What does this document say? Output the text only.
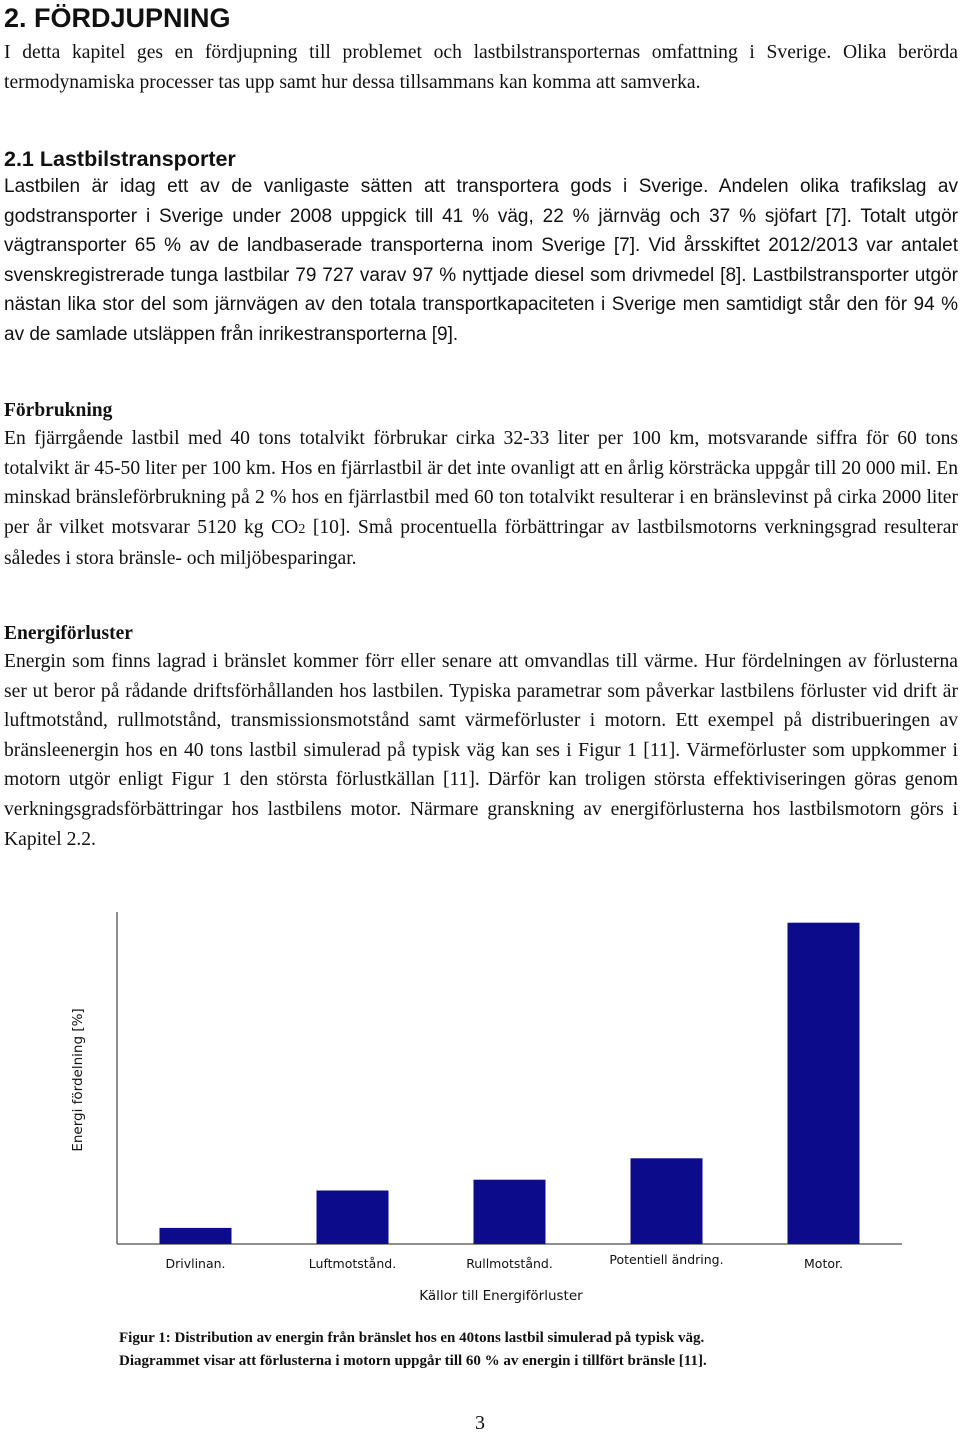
2. FÖRDJUPNING

I detta kapitel ges en fördjupning till problemet och lastbilstransporternas omfattning i Sverige. Olika berörda termodynamiska processer tas upp samt hur dessa tillsammans kan komma att samverka.

2.1 Lastbilstransporter

Lastbilen är idag ett av de vanligaste sätten att transportera gods i Sverige. Andelen olika trafikslag av godstransporter i Sverige under 2008 uppgick till 41 % väg, 22 % järnväg och 37 % sjöfart [7]. Totalt utgör vägtransporter 65 % av de landbaserade transporterna inom Sverige [7]. Vid årsskiftet 2012/2013 var antalet svenskregistrerade tunga lastbilar 79 727 varav 97 % nyttjade diesel som drivmedel [8]. Lastbilstransporter utgör nästan lika stor del som järnvägen av den totala transportkapaciteten i Sverige men samtidigt står den för 94 % av de samlade utsläppen från inrikestransporterna [9].

Förbrukning

En fjärrgående lastbil med 40 tons totalvikt förbrukar cirka 32-33 liter per 100 km, motsvarande siffra för 60 tons totalvikt är 45-50 liter per 100 km. Hos en fjärrlastbil är det inte ovanligt att en årlig körsträcka uppgår till 20 000 mil. En minskad bränsleförbrukning på 2 % hos en fjärrlastbil med 60 ton totalvikt resulterar i en bränslevinst på cirka 2000 liter per år vilket motsvarar 5120 kg CO2 [10]. Små procentuella förbättringar av lastbilsmotorns verkningsgrad resulterar således i stora bränsle- och miljöbesparingar.

Energiförluster

Energin som finns lagrad i bränslet kommer förr eller senare att omvandlas till värme. Hur fördelningen av förlusterna ser ut beror på rådande driftsförhållanden hos lastbilen. Typiska parametrar som påverkar lastbilens förluster vid drift är luftmotstånd, rullmotstånd, transmissionsmotstånd samt värmeförluster i motorn. Ett exempel på distribueringen av bränsleenergin hos en 40 tons lastbil simulerad på typisk väg kan ses i Figur 1 [11]. Värmeförluster som uppkommer i motorn utgör enligt Figur 1 den största förlustkällan [11]. Därför kan troligen största effektiviseringen göras genom verkningsgradsförbättringar hos lastbilens motor. Närmare granskning av energiförlusterna hos lastbilsmotorn görs i Kapitel 2.2.

Drivlinan.	Luftmotstånd.	Rullmotstånd.	Potentiell ändring.	Motor.
Källor till Energiförluster
Energi fördelning [%]
Figur 1: Distribution av energin från bränslet hos en 40tons lastbil simulerad på typisk väg.
Diagrammet visar att förlusterna i motorn uppgår till 60 % av energin i tillfört bränsle [11].
3
